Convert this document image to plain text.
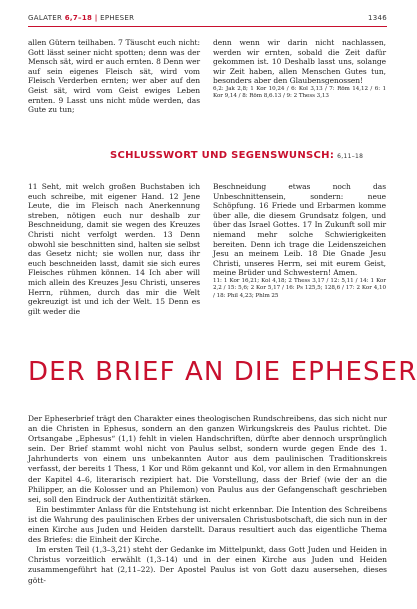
GALATER 6,7–18 | EPHESER	1346

allen Gütern teilhaben. 7 Täuscht euch nicht: Gott lässt seiner nicht spotten; denn was der Mensch sät, wird er auch ernten. 8 Denn wer auf sein eigenes Fleisch sät, wird vom Fleisch Verderben ernten; wer aber auf den Geist sät, wird vom Geist ewiges Leben ernten. 9 Lasst uns nicht müde werden, das Gute zu tun;

denn wenn wir darin nicht nachlassen, werden wir ernten, sobald die Zeit dafür gekommen ist. 10 Deshalb lasst uns, solange wir Zeit haben, allen Menschen Gutes tun, besonders aber den Glaubensgenossen!

6,2: Jak 2,8; 1 Kor 10,24 / 6: Kol 3,13 / 7: Röm 14,12 / 6: 1 Kor 9,14 / 8: Röm 8,6.13 / 9: 2 Thess 3,13

SCHLUSSWORT UND SEGENSWUNSCH: 6,11–18

11 Seht, mit welch großen Buchstaben ich euch schreibe, mit eigener Hand. 12 Jene Leute, die im Fleisch nach Anerkennung streben, nötigen euch nur deshalb zur Beschneidung, damit sie wegen des Kreuzes Christi nicht verfolgt werden. 13 Denn obwohl sie beschnitten sind, halten sie selbst das Gesetz nicht; sie wollen nur, dass ihr euch beschneiden lasst, damit sie sich eures Fleisches rühmen können. 14 Ich aber will mich allein des Kreuzes Jesu Christi, unseres Herrn, rühmen, durch das mir die Welt gekreuzigt ist und ich der Welt. 15 Denn es gilt weder die

Beschneidung etwas noch das Unbeschnittensein, sondern: neue Schöpfung. 16 Friede und Erbarmen komme über alle, die diesem Grundsatz folgen, und über das Israel Gottes. 17 In Zukunft soll mir niemand mehr solche Schwierigkeiten bereiten. Denn ich trage die Leidenszeichen Jesu an meinem Leib. 18 Die Gnade Jesu Christi, unseres Herrn, sei mit eurem Geist, meine Brüder und Schwestern! Amen.

11: 1 Kor 16,21; Kol 4,18; 2 Thess 3,17 / 12: 5,11 / 14: 1 Kor 2,2 / 15: 5,6; 2 Kor 5,17 / 16: Ps 125,5; 128,6 / 17: 2 Kor 4,10 / 18: Phil 4,23; Phlm 25

DER BRIEF AN DIE EPHESER

Der Epheserbrief trägt den Charakter eines theologischen Rundschreibens, das sich nicht nur an die Christen in Ephesus, sondern an den ganzen Wirkungskreis des Paulus richtet. Die Ortsangabe „Ephesus“ (1,1) fehlt in vielen Handschriften, dürfte aber dennoch ursprünglich sein. Der Brief stammt wohl nicht von Paulus selbst, sondern wurde gegen Ende des 1. Jahrhunderts von einem uns unbekannten Autor aus dem paulinischen Traditionskreis verfasst, der bereits 1 Thess, 1 Kor und Röm gekannt und Kol, vor allem in den Ermahnungen der Kapitel 4–6, literarisch rezipiert hat. Die Vorstellung, dass der Brief (wie der an die Philipper, an die Kolosser und an Philemon) von Paulus aus der Gefangenschaft geschrieben sei, soll den Eindruck der Authentizität stärken.

Ein bestimmter Anlass für die Entstehung ist nicht erkennbar. Die Intention des Schreibens ist die Wahrung des paulinischen Erbes der universalen Christusbotschaft, die sich nun in der einen Kirche aus Juden und Heiden darstellt. Daraus resultiert auch das eigentliche Thema des Briefes: die Einheit der Kirche.

Im ersten Teil (1,3–3,21) steht der Gedanke im Mittelpunkt, dass Gott Juden und Heiden in Christus vorzeitlich erwählt (1,3–14) und in der einen Kirche aus Juden und Heiden zusammengeführt hat (2,11–22). Der Apostel Paulus ist von Gott dazu ausersehen, dieses gött-
